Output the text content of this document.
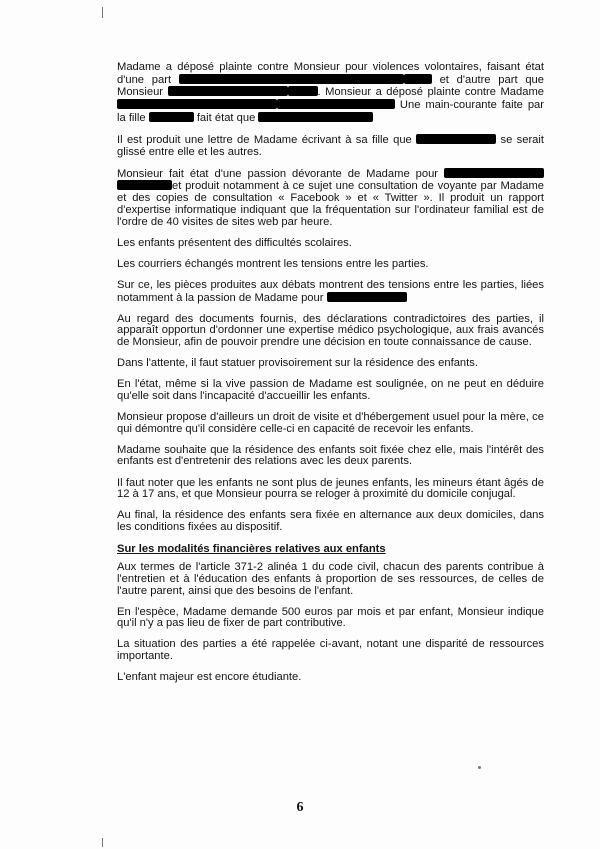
Madame a déposé plainte contre Monsieur pour violences volontaires, faisant état d'une part	et d'autre part que Monsieur	. Monsieur a déposé plainte contre Madame  Une main-courante faite par la fille	fait état que

Il est produit une lettre de Madame écrivant à sa fille que	se serait glissé entre elle et les autres.

Monsieur fait état d'une passion dévorante de Madame pour et produit notamment à ce sujet une consultation de voyante par Madame et des copies de consultation « Facebook » et « Twitter ». Il produit un rapport d'expertise informatique indiquant que la fréquentation sur l'ordinateur familial est de l'ordre de 40 visites de sites web par heure.

Les enfants présentent des difficultés scolaires.

Les courriers échangés montrent les tensions entre les parties.

Sur ce, les pièces produites aux débats montrent des tensions entre les parties, liées notamment à la passion de Madame pour

Au regard des documents fournis, des déclarations contradictoires des parties, il apparaît opportun d'ordonner une expertise médico psychologique, aux frais avancés de Monsieur, afin de pouvoir prendre une décision en toute connaissance de cause.

Dans l'attente, il faut statuer provisoirement sur la résidence des enfants.

En l'état, même si la vive passion de Madame est soulignée, on ne peut en déduire qu'elle soit dans l'incapacité d'accueillir les enfants.

Monsieur propose d'ailleurs un droit de visite et d'hébergement usuel pour la mère, ce qui démontre qu'il considère celle-ci en capacité de recevoir les enfants.

Madame souhaite que la résidence des enfants soit fixée chez elle, mais l'intérêt des enfants est d'entretenir des relations avec les deux parents.

Il faut noter que les enfants ne sont plus de jeunes enfants, les mineurs étant âgés de 12 à 17 ans, et que Monsieur pourra se reloger à proximité du domicile conjugal.

Au final, la résidence des enfants sera fixée en alternance aux deux domiciles, dans les conditions fixées au dispositif.

Sur les modalités financières relatives aux enfants

Aux termes de l'article 371-2 alinéa 1 du code civil, chacun des parents contribue à l'entretien et à l'éducation des enfants à proportion de ses ressources, de celles de l'autre parent, ainsi que des besoins de l'enfant.

En l'espèce, Madame demande 500 euros par mois et par enfant, Monsieur indique qu'il n'y a pas lieu de fixer de part contributive.

La situation des parties a été rappelée ci-avant, notant une disparité de ressources importante.

L'enfant majeur est encore étudiante.

6
